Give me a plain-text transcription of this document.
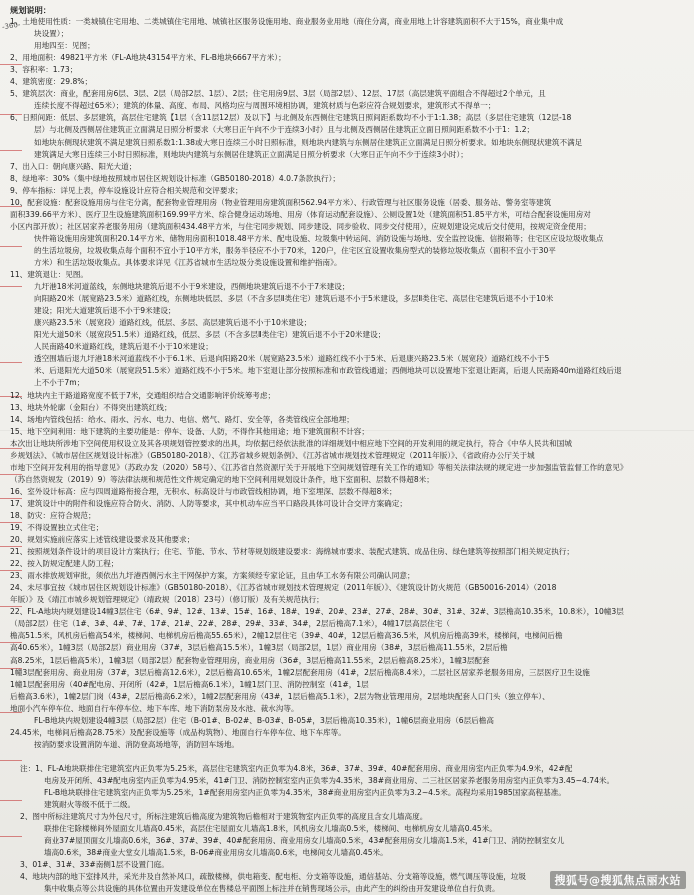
-360-
规划说明：
1、土地使用性质：一类城镇住宅用地、二类城镇住宅用地、城镇社区服务设施用地、商业服务业用地（商住分离，商业用地上计容建筑面积不大于15%，商业集中成
块设置）；
用地四至：见图；
2、用地面积：49821平方米（FL-A地块43154平方米、FL-B地块6667平方米）；
3、容积率：1.73；
4、建筑密度：29.8%；
5、建筑层次：商业，配套用房6层、3层、2层（局部2层、1层）、2层；住宅用房9层、3层（局部2层）、12层、17层（高层建筑平面组合不得超过2个单元，且
连续长度不得超过65米）；建筑的体量、高度、布局、风格均应与周围环境相协调，建筑材质与色彩应符合规划要求，建筑形式不得单一；
6、日照间距：低层、多层建筑，高层住宅建筑【1层（含11层12层）及以下】与北侧及东西侧住宅建筑日照间距系数均不小于1:1.38；高层（多层住宅建筑（12层-18
层）与北侧及西侧居住建筑正立面满足日照分析要求（大寒日正午向不少于连续3小时）且与北侧及西侧居住建筑正立面日照间距系数不小于1：1.2；
如地块东侧现状建筑不满足建筑日照系数1:1.38或大寒日连续三小时日照标准，则地块内建筑与东侧居住建筑正立面满足日照分析要求。如地块东侧现状建筑不满足
建筑满足大寒日连续三小时日照标准，则地块内建筑与东侧居住建筑正立面满足日照分析要求（大寒日正午向不少于连续3小时）；
7、出入口：朝向康兴路、阳光大道；
8、绿地率：30%（集中绿地按照城市居住区规划设计标准（GB50180-2018）4.0.7条款执行）；
9、停车指标：详见上表，停车设施设计应符合相关规范和交评要求；
10、配套设施：配套设施用房与住宅分离，配套物业管理用房（物业管理用房建筑面积562.94平方米）、行政管理与社区服务设施（居委、服务站、警务室等建筑
面积339.66平方米）、医疗卫生设施建筑面积169.99平方米、综合健身运动场地、用房（体育运动配套设施）、公厕设置1处（建筑面积51.85平方米，可结合配套设施用房对
小区内部开放）；社区居家养老服务用房（建筑面积434.48平方米，与住宅同步规划、同步建设、同步验收、同步交付使用），应规划建设完成后交付使用，按规定资金使用；
快件箱设施用房建筑面积20.14平方米、储物用房面积1018.48平方米、配电设施、垃圾集中转运间、消防设施与场地、安全监控设施、信报箱等；住宅区应设垃圾收集点
的生活垃圾房，垃圾收集点每个面积不宜小于10平方米，服务半径应不小于70米，120户，住宅区宜设置收集房型式的装修垃圾收集点（面积不宜小于30平
方米）和生活垃圾收集点。具体要求详见《江苏省城市生活垃圾分类设施设置和维护指南》。
11、建筑退让：见图。
九圩港18米河道蓝线，东侧地块建筑后退不小于9米建设，西侧地块建筑后退不小于7米建设；
向阳路20米（展宽路23.5米）道路红线，东侧地块低层、多层（不含多层Ⅱ类住宅）建筑后退不小于5米建设，多层Ⅱ类住宅、高层住宅建筑后退不小于10米
建设；阳光大道建筑后退不小于9米建设；
康兴路23.5米（展宽段）道路红线，低层、多层、高层建筑后退不小于10米建设；
阳光大道50米（展宽段51.5米）道路红线，低层、多层（不含多层Ⅱ类住宅）建筑后退不小于20米建设；
人民南路40米道路红线，建筑后退不小于10米建设；
透空围墙后退九圩港18米河道蓝线不小于6.1米、后退向阳路20米（展宽路23.5米）道路红线不小于5米、后退康兴路23.5米（展宽段）道路红线不小于5
米、后退阳光大道50米（展宽段51.5米）道路红线不小于5米。地下室退让部分按照标准和市政管线通道；西侧地块可以设置地下室退让距离，后退人民南路40m道路红线后退
上不小于7m；
12、地块内主干路道路宽度不低于7米，交通组织结合交通影响评价统筹考虑；
13、地块外轮廓（金阳台）不得突出建筑红线；
14、场地内管线包括：给水、雨水、污水、电力、电信、燃气、路灯、安全等，各类管线应全部地埋；
15、地下空间利用：地下建筑的主要功能是：停车、设备、人防，不得作其他用途；地下建筑面积不计容；
本次出让地块所涉地下空间使用权设立及其各项规划管控要求的出具，均依据已经依法批准的详细规划中相应地下空间的开发利用的规定执行，符合《中华人民共和国城
乡规划法》、《城市居住区规划设计标准》（GB50180-2018）、《江苏省城乡规划条例》、《江苏省城市规划技术管理规定（2011年版）》、《省政府办公厅关于城
市地下空间开发利用的指导意见》（苏政办发（2020）58号）、《江苏省自然资源厅关于开展地下空间规划管理有关工作的通知》等相关法律法规的规定进一步加强监管监督工作的意见》
（苏自然资规发（2019）9）等法律法规和规范性文件规定确定的地下空间利用规划设计条件，地下室面积、层数不得超8米；
16、室外设计标高：应与四周道路衔接合理，无积水、标高设计与市政管线相协调，地下室埋深、层数不得超8米；
17、建筑设计中的附件和设施应符合防火、消防、人防等要求，其中机动车应当平口路段具体可设计合交评方案确定；
18、防灾：应符合规范；
19、不得设置独立式住宅；
20、规划实施前应落实上述管线建设要求及其他要求；
21、按照规划条件设计的项目设计方案执行；住宅、节能、节水、节材等规划级建设要求：海绵城市要求、装配式建筑、成品住房、绿色建筑等按照部门相关规定执行；
22、按入防规定配建人防工程；
23、雨水排放规划审批，须依出九圩港西侧污水主干网保护方案，方案须经专家论证，且由华工水务有限公司确认同意；
24、未尽事宜按《城市居住区规划设计标准》（GB50180-2018）、《江苏省城市规划技术管理规定（2011年版）》、《建筑设计防火规范（GB50016-2014）（2018
年版）》及《靖江市城乡规划管理规定》（靖政规〔2018〕23号）（修订版）及有关规范执行；
22、FL-A地块内规划建设14幢3层住宅（6#、9#、12#、13#、15#、16#、18#、19#、20#、23#、27#、28#、30#、31#、32#、3层檐高10.35米，10.8米），10幢3层
（局部2层）住宅（1#、3#、4#、7#、17#、21#、22#、28#、29#、33#、34#，2层后檐高7.1米），4幢17层高层住宅（
檐高51.5米，风机房后檐高54米，楼梯间、电梯机房后檐高55.65米），2幢12层住宅（39#、40#，12层后檐高36.5米，风机房后檐高39米，楼梯间，电梯间后檐
高40.65米），1幢3层（局部2层）商业用房（37#，3层后檐高15.5米），1幢3层（局部2层，1层）商业用房（38#，3层后檐高11.55米，2层后檐
高8.25米，1层后檐高5米），1幢3层（局部2层）配套物业管理用房，商业用房（36#，3层后檐高11.55米，2层后檐高8.25米），1幢3层配套
1幢3层配套用房、商业用房（37#，3层后檐高12.6米），2层后檐高10.65米，1幢2层配套用房（41#，2层后檐高8.4米），二层社区居家养老服务用房，三层医疗卫生设施
1幢1层配套用房（40#配电房、开闭所（42#，1层后檐高6.1米），1幢1层门卫、消防控制室（41#，1层
后檐高3.6米），1幢2层门岗（43#，2层后檐高6.2米），1幢2层配套用房（43#，1层后檐高5.1米），2层为物业管理用房，2层地块配套人口门头（独立停车）、
地面小汽车停车位、地面自行车停车位、地下车库、地下消防泵房及水池、裁水沟等。
FL-B地块内规划建设4幢3层（局部2层）住宅（B-01#、B-02#、B-03#、B-05#，3层后檐高10.35米），1幢6层商业用房（6层后檐高
24.45米，电梯间后檐高28.75米）及配套设施等（成品构筑物）、地面自行车停车位、地下车库等。
按消防要求设置消防车道、消防登高场地等，消防回车场地。
注：1、FL-A地块联排住宅建筑室内正负零为5.25米，高层住宅建筑室内正负零为4.8米，36#、37#、39#、40#配套用房、商业用房室内正负零为4.9米，42#配
电房及开闭所、43#配电房室内正负零为4.95米，41#门卫、消防控制室室内正负零为4.35米，38#商业用房、二三社区居家养老服务用房室内正负零为3.45~4.74米。
FL-B地块联排住宅建筑室内正负零为5.25米，1#配套用房室内正负零为4.35米，38#商业用房室内正负零为3.2~4.5米。高程均采用1985国家高程基准。
建筑耐火等级不低于二级。
2、图中所标注建筑尺寸为外包尺寸，所标注建筑后檐高度为建筑物后檐相对于建筑物室内正负零的高度且含女儿墙高度。
联排住宅除楼梯间外屋面女儿墙高0.45米，高层住宅屋面女儿墙高1.8米，风机房女儿墙高0.5米，楼梯间、电梯机房女儿墙高0.45米。
商业37#屋顶面女儿墙高0.6米，36#、37#、39#、40#配套用房、商业用房女儿墙高0.5米，43#配套用房女儿墙高1.5米，41#门卫、消防控制室女儿
墙高0.6米，38#商业大堂女儿墙高1.5米，B-06#商业用房女儿墙高0.6米，电梯间女儿墙高0.45米。
3、01#、31#、33#南侧1层不设置门庭。
4、地块内部的地下室排风井，采光井及自然补风口，疏散楼梯，供电箱变、配电柜、分支箱等设施，通信基站、分支箱等设施，燃气调压等设施，垃圾
集中收集点等公共设施的具体位置由开发建设单位在售楼总平面图上标注并在销售现场公示，由此产生的纠纷由开发建设单位自行负责。
搜狐号@搜狐焦点丽水站
